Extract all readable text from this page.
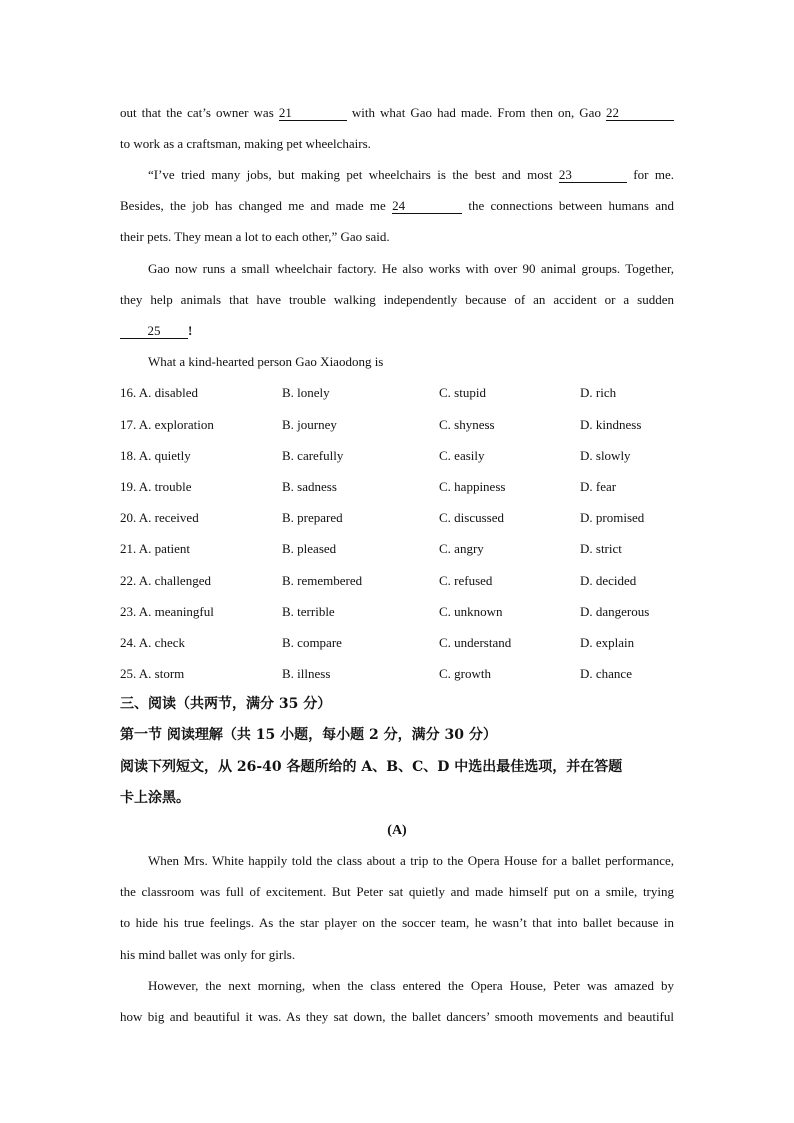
out that the cat’s owner was 21	with what Gao had made. From then on, Gao 22
to work as a craftsman, making pet wheelchairs.
“I’ve tried many jobs, but making pet wheelchairs is the best and most 23	for me.
Besides, the job has changed me and made me 24	the connections between humans and
their pets. They mean a lot to each other,” Gao said.
Gao now runs a small wheelchair factory. He also works with over 90 animal groups. Together,
they help animals that have trouble walking independently because of an accident or a sudden
25 !
What a kind-hearted person Gao Xiaodong is
16. A. disabled	B. lonely	C. stupid	D. rich
17. A. exploration	B. journey	C. shyness	D. kindness
18. A. quietly	B. carefully	C. easily	D. slowly
19. A. trouble	B. sadness	C. happiness	D. fear
20. A. received	B. prepared	C. discussed	D. promised
21. A. patient	B. pleased	C. angry	D. strict
22. A. challenged	B. remembered	C. refused	D. decided
23. A. meaningful	B. terrible	C. unknown	D. dangerous
24. A. check	B. compare	C. understand	D. explain
25. A. storm	B. illness	C. growth	D. chance
三、阅读（共两节，满分 35 分）
第一节 阅读理解（共 15 小题，每小题 2 分，满分 30 分）
阅读下列短文，从 26-40 各题所给的 A、B、C、D 中选出最佳选项，并在答题
卡上涂黑。
(A)
When Mrs. White happily told the class about a trip to the Opera House for a ballet performance,
the classroom was full of excitement. But Peter sat quietly and made himself put on a smile, trying
to hide his true feelings. As the star player on the soccer team, he wasn’t that into ballet because in
his mind ballet was only for girls.
However, the next morning, when the class entered the Opera House, Peter was amazed by
how big and beautiful it was. As they sat down, the ballet dancers’ smooth movements and beautiful
